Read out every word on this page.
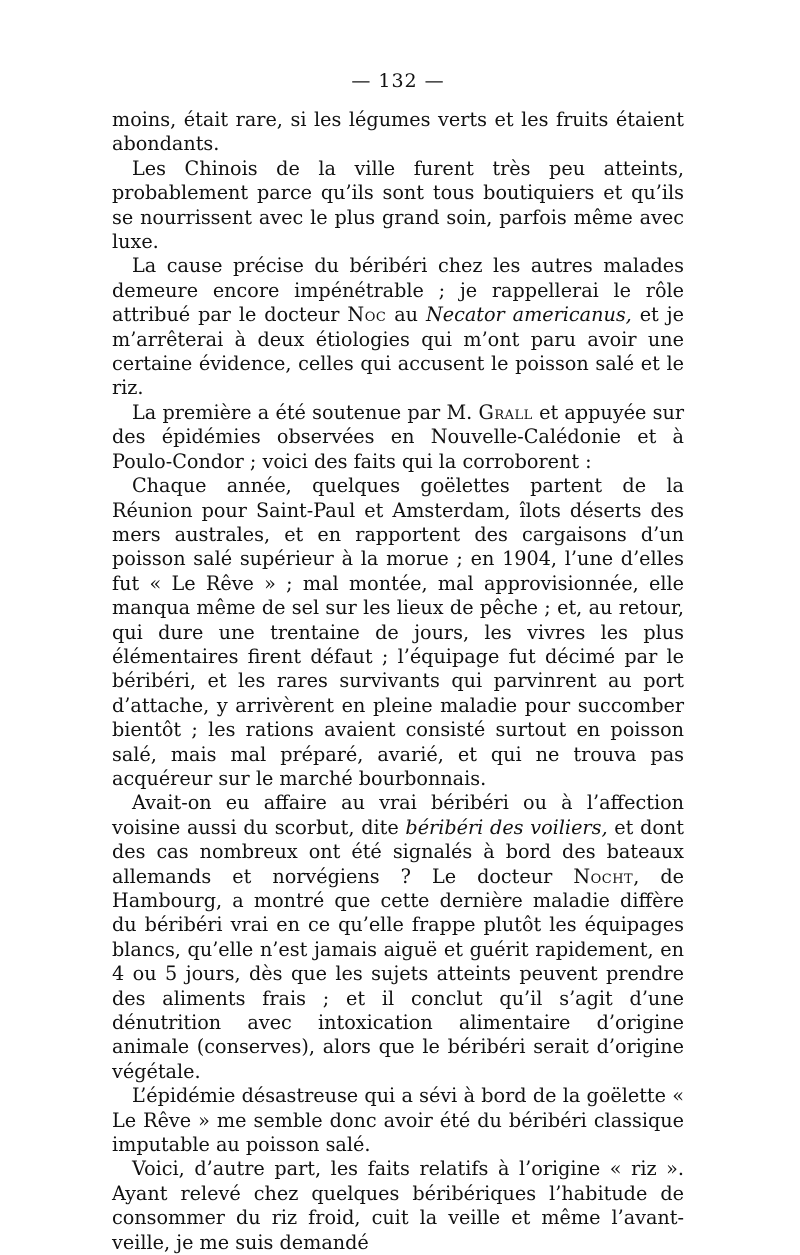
— 132 —

moins, était rare, si les légumes verts et les fruits étaient abondants.

Les Chinois de la ville furent très peu atteints, probablement parce qu’ils sont tous boutiquiers et qu’ils se nourrissent avec le plus grand soin, parfois même avec luxe.

La cause précise du béribéri chez les autres malades demeure encore impénétrable ; je rappellerai le rôle attribué par le docteur Noc au Necator americanus, et je m’arrêterai à deux étiologies qui m’ont paru avoir une certaine évidence, celles qui accusent le poisson salé et le riz.

La première a été soutenue par M. Grall et appuyée sur des épidémies observées en Nouvelle-Calédonie et à Poulo-Condor ; voici des faits qui la corroborent :

Chaque année, quelques goëlettes partent de la Réunion pour Saint-Paul et Amsterdam, îlots déserts des mers australes, et en rapportent des cargaisons d’un poisson salé supérieur à la morue ; en 1904, l’une d’elles fut « Le Rêve » ; mal montée, mal approvisionnée, elle manqua même de sel sur les lieux de pêche ; et, au retour, qui dure une trentaine de jours, les vivres les plus élémentaires firent défaut ; l’équipage fut décimé par le béribéri, et les rares survivants qui parvinrent au port d’attache, y arrivèrent en pleine maladie pour succomber bientôt ; les rations avaient consisté surtout en poisson salé, mais mal préparé, avarié, et qui ne trouva pas acquéreur sur le marché bourbonnais.

Avait-on eu affaire au vrai béribéri ou à l’affection voisine aussi du scorbut, dite béribéri des voiliers, et dont des cas nombreux ont été signalés à bord des bateaux allemands et norvégiens ? Le docteur Nocht, de Hambourg, a montré que cette dernière maladie diffère du béribéri vrai en ce qu’elle frappe plutôt les équipages blancs, qu’elle n’est jamais aiguë et guérit rapidement, en 4 ou 5 jours, dès que les sujets atteints peuvent prendre des aliments frais ; et il conclut qu’il s’agit d’une dénutrition avec intoxication alimentaire d’origine animale (conserves), alors que le béribéri serait d’origine végétale.

L’épidémie désastreuse qui a sévi à bord de la goëlette « Le Rêve » me semble donc avoir été du béribéri classique imputable au poisson salé.

Voici, d’autre part, les faits relatifs à l’origine « riz ». Ayant relevé chez quelques béribériques l’habitude de consommer du riz froid, cuit la veille et même l’avant-veille, je me suis demandé
